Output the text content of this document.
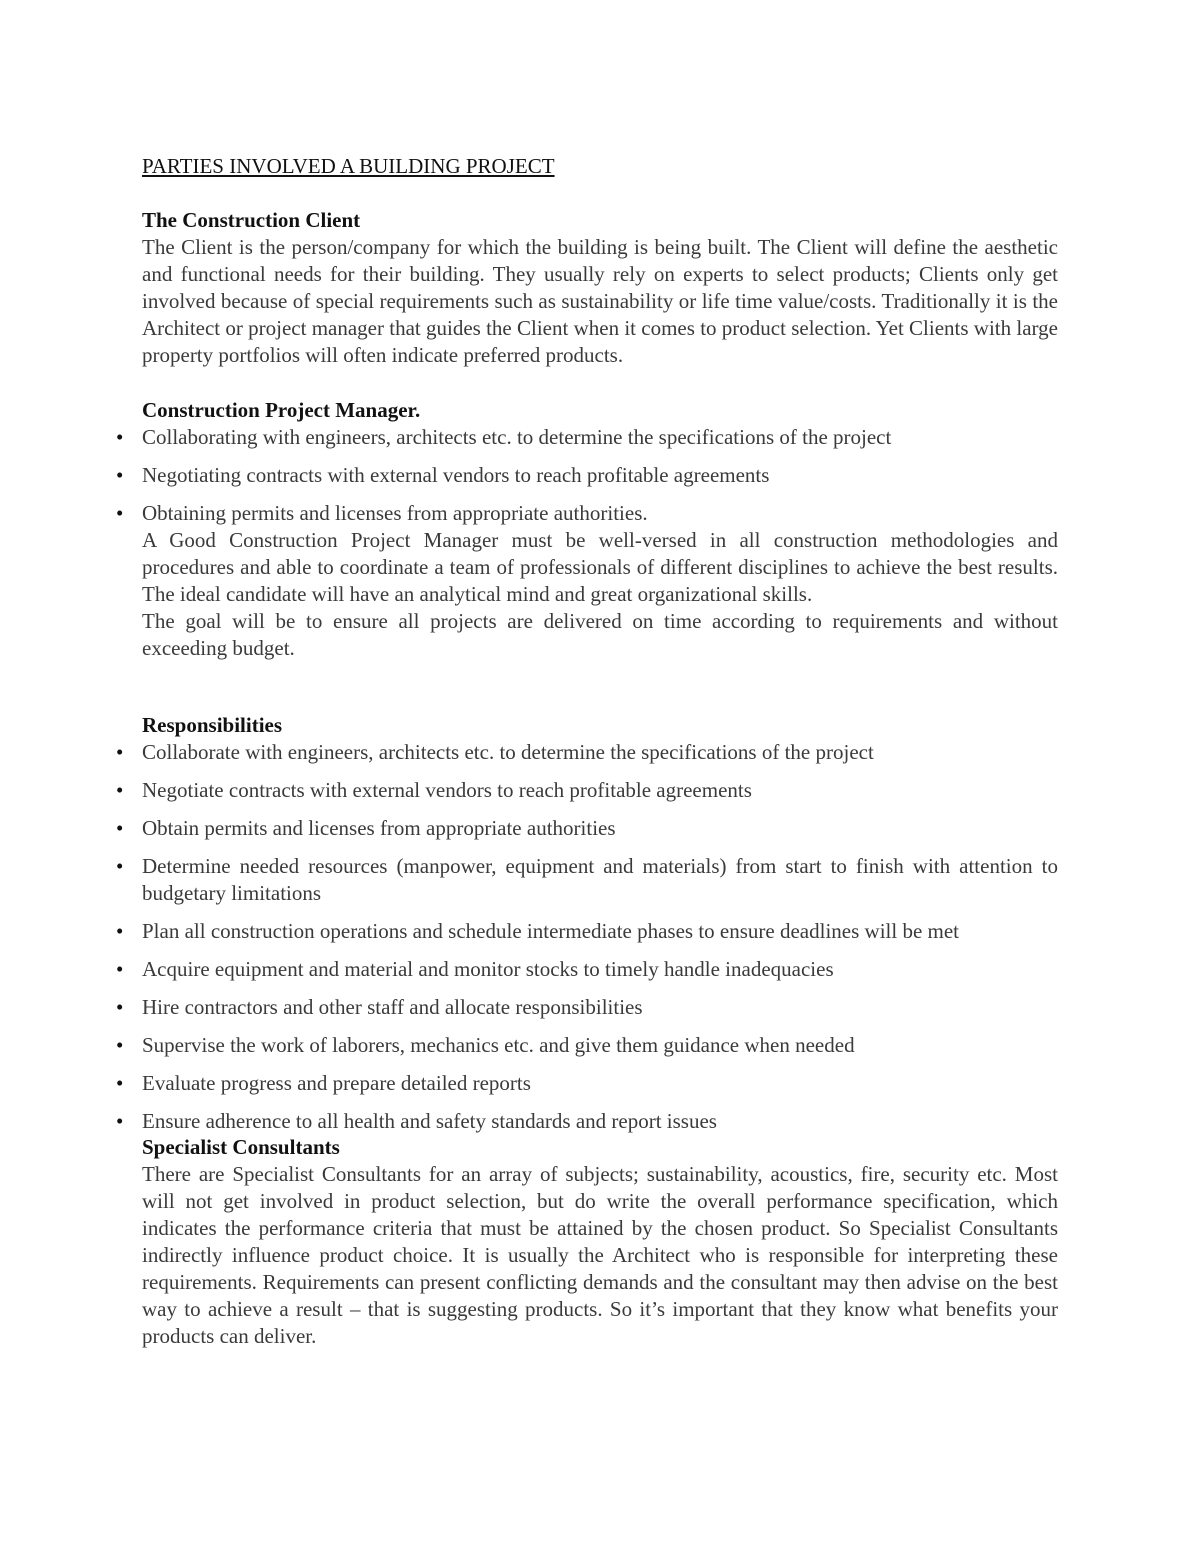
PARTIES INVOLVED A BUILDING PROJECT
The Construction Client

The Client is the person/company for which the building is being built. The Client will define the aesthetic and functional needs for their building. They usually rely on experts to select products; Clients only get involved because of special requirements such as sustainability or life time value/costs. Traditionally it is the Architect or project manager that guides the Client when it comes to product selection. Yet Clients with large property portfolios will often indicate preferred products.

Construction Project Manager.
• Collaborating with engineers, architects etc. to determine the specifications of the project
• Negotiating contracts with external vendors to reach profitable agreements
• Obtaining permits and licenses from appropriate authorities.

A Good Construction Project Manager must be well-versed in all construction methodologies and procedures and able to coordinate a team of professionals of different disciplines to achieve the best results. The ideal candidate will have an analytical mind and great organizational skills.

The goal will be to ensure all projects are delivered on time according to requirements and without exceeding budget.

Responsibilities
• Collaborate with engineers, architects etc. to determine the specifications of the project
• Negotiate contracts with external vendors to reach profitable agreements
• Obtain permits and licenses from appropriate authorities
• Determine needed resources (manpower, equipment and materials) from start to finish with attention to budgetary limitations
• Plan all construction operations and schedule intermediate phases to ensure deadlines will be met
• Acquire equipment and material and monitor stocks to timely handle inadequacies
• Hire contractors and other staff and allocate responsibilities
• Supervise the work of laborers, mechanics etc. and give them guidance when needed
• Evaluate progress and prepare detailed reports
• Ensure adherence to all health and safety standards and report issues
Specialist Consultants

There are Specialist Consultants for an array of subjects; sustainability, acoustics, fire, security etc. Most will not get involved in product selection, but do write the overall performance specification, which indicates the performance criteria that must be attained by the chosen product. So Specialist Consultants indirectly influence product choice. It is usually the Architect who is responsible for interpreting these requirements. Requirements can present conflicting demands and the consultant may then advise on the best way to achieve a result – that is suggesting products. So it’s important that they know what benefits your products can deliver.
